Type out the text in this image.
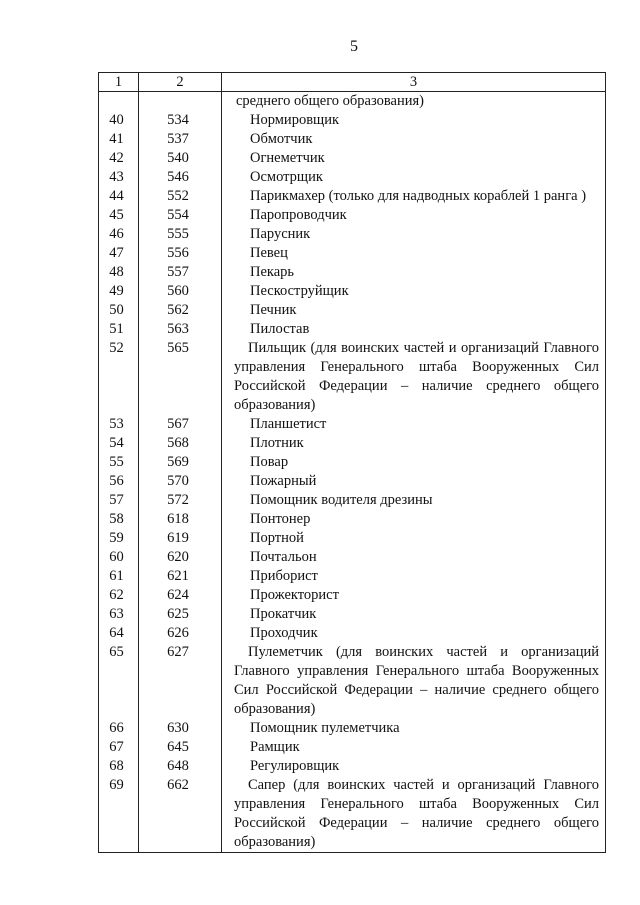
5
1	2	3
		среднего общего образования)
40	534	Нормировщик
41	537	Обмотчик
42	540	Огнеметчик
43	546	Осмотрщик
44	552	Парикмахер (только для надводных кораблей 1 ранга )
45	554	Паропроводчик
46	555	Парусник
47	556	Певец
48	557	Пекарь
49	560	Пескоструйщик
50	562	Печник
51	563	Пилостав
52	565	Пильщик (для воинских частей и организаций Главного управления Генерального штаба Вооруженных Сил Российской Федерации – наличие среднего общего образования)

53	567	Планшетист
54	568	Плотник
55	569	Повар
56	570	Пожарный
57	572	Помощник водителя дрезины
58	618	Понтонер
59	619	Портной
60	620	Почтальон
61	621	Приборист
62	624	Прожекторист
63	625	Прокатчик
64	626	Проходчик
65	627	Пулеметчик (для воинских частей и организаций Главного управления Генерального штаба Вооруженных Сил Российской Федерации – наличие среднего общего образования)

66	630	Помощник пулеметчика
67	645	Рамщик
68	648	Регулировщик
69	662	Сапер (для воинских частей и организаций Главного управления Генерального штаба Вооруженных Сил Российской Федерации – наличие среднего общего образования)
